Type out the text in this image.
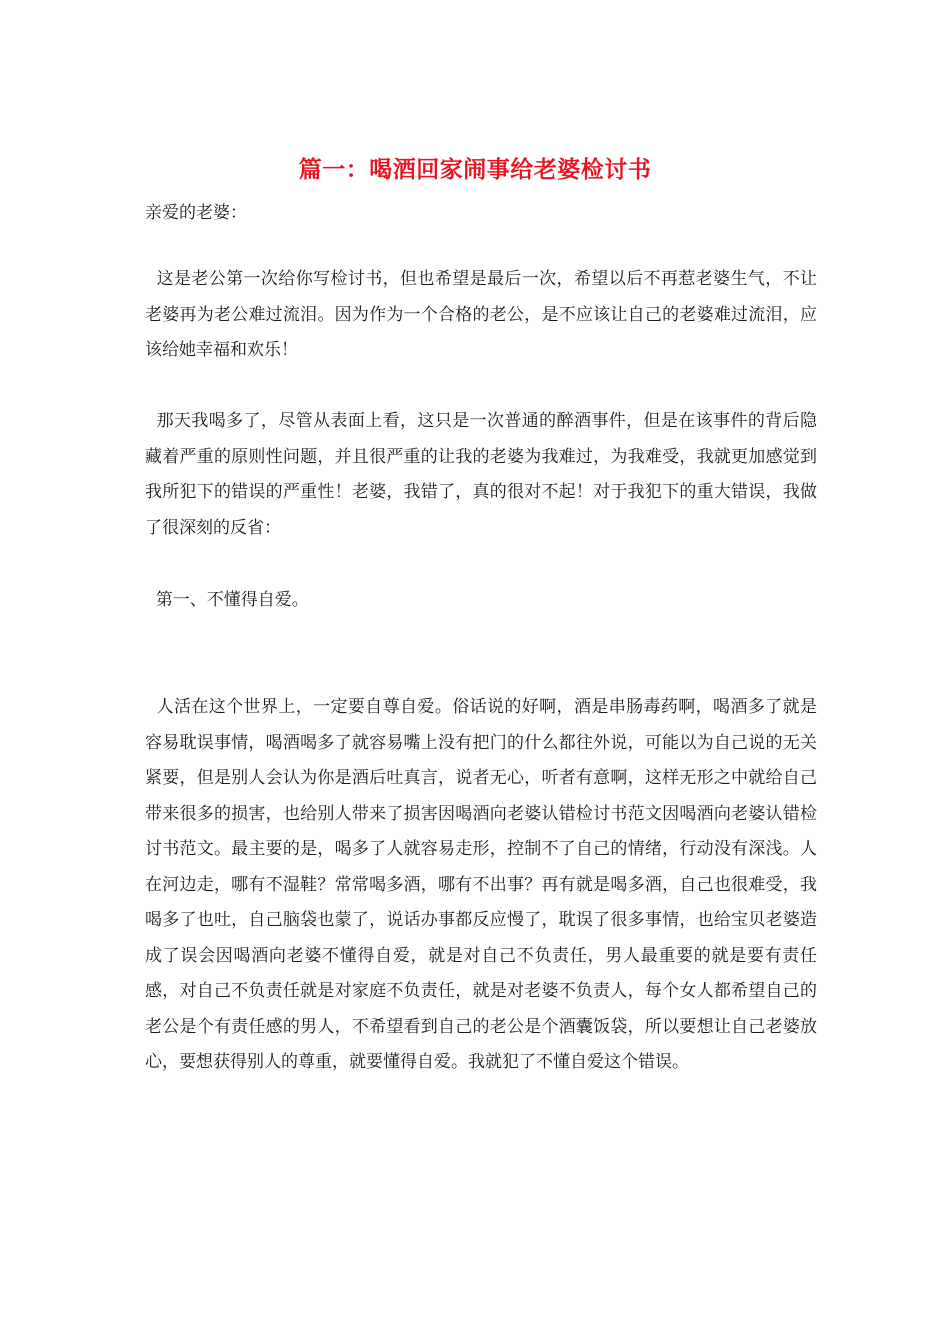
篇一：喝酒回家闹事给老婆检讨书
亲爱的老婆：
这是老公第一次给你写检讨书，但也希望是最后一次，希望以后不再惹老婆生气，不让老婆再为老公难过流泪。因为作为一个合格的老公，是不应该让自己的老婆难过流泪，应该给她幸福和欢乐！
那天我喝多了，尽管从表面上看，这只是一次普通的醉酒事件，但是在该事件的背后隐藏着严重的原则性问题，并且很严重的让我的老婆为我难过，为我难受，我就更加感觉到我所犯下的错误的严重性！老婆，我错了，真的很对不起！对于我犯下的重大错误，我做了很深刻的反省：
第一、不懂得自爱。
人活在这个世界上，一定要自尊自爱。俗话说的好啊，酒是串肠毒药啊，喝酒多了就是容易耽误事情，喝酒喝多了就容易嘴上没有把门的什么都往外说，可能以为自己说的无关紧要，但是别人会认为你是酒后吐真言，说者无心，听者有意啊，这样无形之中就给自己带来很多的损害，也给别人带来了损害因喝酒向老婆认错检讨书范文因喝酒向老婆认错检讨书范文。最主要的是，喝多了人就容易走形，控制不了自己的情绪，行动没有深浅。人在河边走，哪有不湿鞋？常常喝多酒，哪有不出事？再有就是喝多酒，自己也很难受，我喝多了也吐，自己脑袋也蒙了，说话办事都反应慢了，耽误了很多事情，也给宝贝老婆造成了误会因喝酒向老婆不懂得自爱，就是对自己不负责任，男人最重要的就是要有责任感，对自己不负责任就是对家庭不负责任，就是对老婆不负责人，每个女人都希望自己的老公是个有责任感的男人，不希望看到自己的老公是个酒囊饭袋，所以要想让自己老婆放心，要想获得别人的尊重，就要懂得自爱。我就犯了不懂自爱这个错误。
